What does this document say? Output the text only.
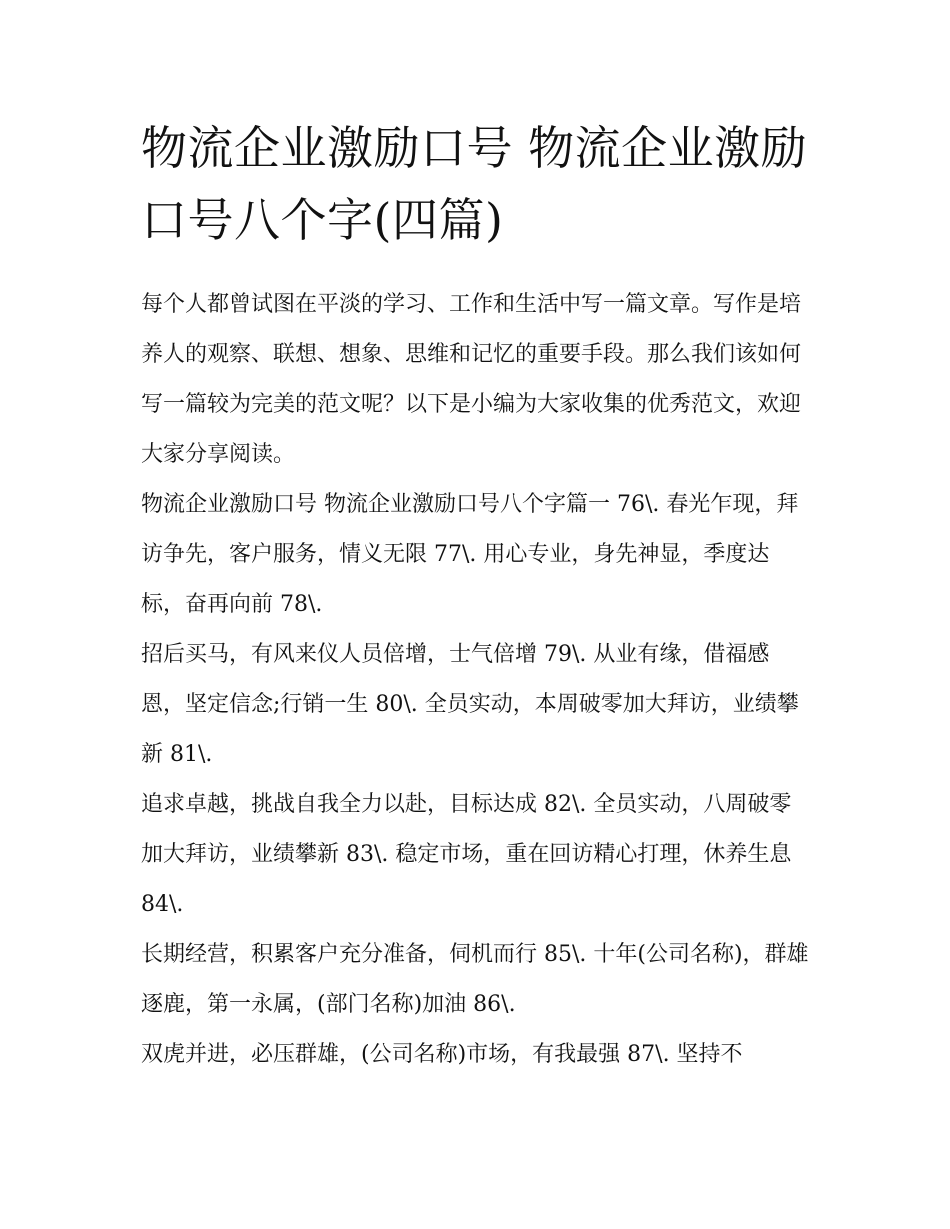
物流企业激励口号 物流企业激励口号八个字(四篇)

每个人都曾试图在平淡的学习、工作和生活中写一篇文章。写作是培养人的观察、联想、想象、思维和记忆的重要手段。那么我们该如何写一篇较为完美的范文呢？以下是小编为大家收集的优秀范文，欢迎大家分享阅读。

物流企业激励口号 物流企业激励口号八个字篇一 76\. 春光乍现，拜访争先，客户服务，情义无限 77\. 用心专业，身先神显，季度达标，奋再向前 78\.

招后买马，有风来仪人员倍增，士气倍增 79\. 从业有缘，借福感恩，坚定信念;行销一生 80\. 全员实动，本周破零加大拜访，业绩攀新 81\.

追求卓越，挑战自我全力以赴，目标达成 82\. 全员实动，八周破零加大拜访，业绩攀新 83\. 稳定市场，重在回访精心打理，休养生息 84\.

长期经营，积累客户充分准备，伺机而行 85\. 十年(公司名称)，群雄逐鹿，第一永属，(部门名称)加油 86\.

双虎并进，必压群雄，(公司名称)市场，有我最强 87\. 坚持不
